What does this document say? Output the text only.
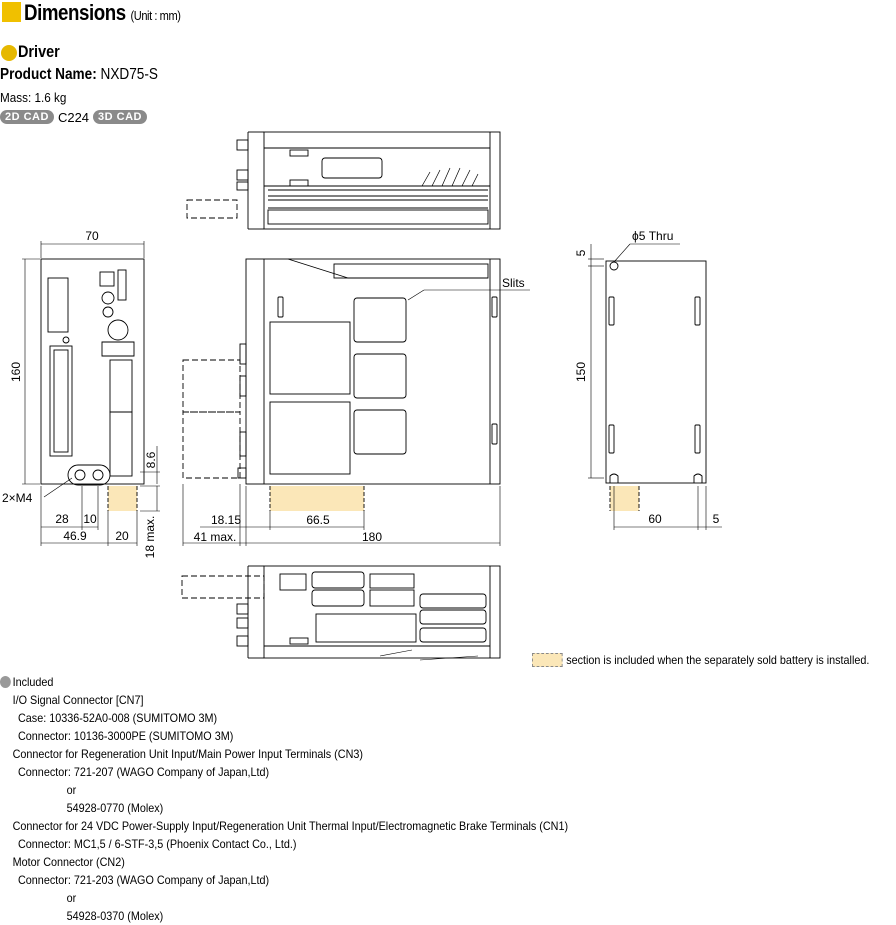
Dimensions (Unit : mm)
Driver
Product Name: NXD75-S
Mass: 1.6 kg
2D CAD C224 3D CAD
70
160
8.6
2×M4
28 10
46.9 20 18 max.	18.15	66.5
41 max.	180
Slits
ϕ5 Thru
5
150
60	5
section is included when the separately sold battery is installed.
Included
I/O Signal Connector [CN7]
Case: 10336-52A0-008 (SUMITOMO 3M)
Connector: 10136-3000PE (SUMITOMO 3M)
Connector for Regeneration Unit Input/Main Power Input Terminals (CN3)
Connector: 721-207 (WAGO Company of Japan,Ltd)
or
54928-0770 (Molex)
Connector for 24 VDC Power-Supply Input/Regeneration Unit Thermal Input/Electromagnetic Brake Terminals (CN1)
Connector: MC1,5 / 6-STF-3,5 (Phoenix Contact Co., Ltd.)
Motor Connector (CN2)
Connector: 721-203 (WAGO Company of Japan,Ltd)
or
54928-0370 (Molex)
